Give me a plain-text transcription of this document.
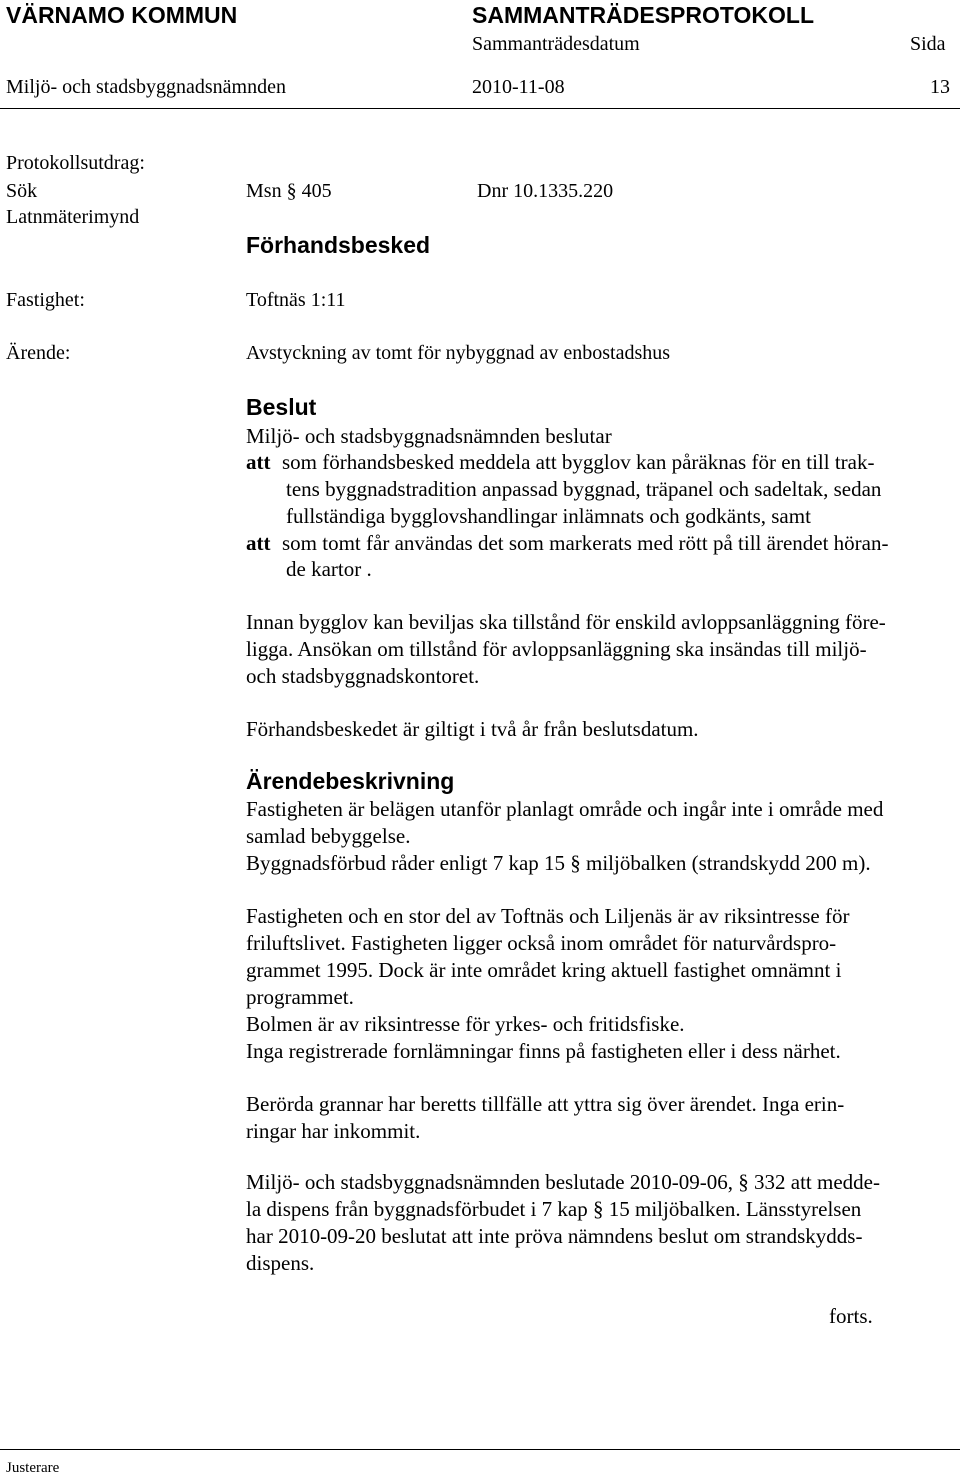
VÄRNAMO KOMMUN	SAMMANTRÄDESPROTOKOLL
Sammanträdesdatum	Sida
Miljö- och stadsbyggnadsnämnden	2010-11-08	13
Protokollsutdrag:
Sök
Latnmäterimynd
Msn § 405	Dnr 10.1335.220
Förhandsbesked
Fastighet:	Toftnäs 1:11
Ärende:	Avstyckning av tomt för nybyggnad av enbostadshus
Beslut
Miljö- och stadsbyggnadsnämnden beslutar
att som förhandsbesked meddela att bygglov kan påräknas för en till trak-
tens byggnadstradition anpassad byggnad, träpanel och sadeltak, sedan
fullständiga bygglovshandlingar inlämnats och godkänts, samt
att som tomt får användas det som markerats med rött på till ärendet höran-
de kartor .
Innan bygglov kan beviljas ska tillstånd för enskild avloppsanläggning före-
ligga. Ansökan om tillstånd för avloppsanläggning ska insändas till miljö-
och stadsbyggnadskontoret.
Förhandsbeskedet är giltigt i två år från beslutsdatum.
Ärendebeskrivning
Fastigheten är belägen utanför planlagt område och ingår inte i område med
samlad bebyggelse.
Byggnadsförbud råder enligt 7 kap 15 § miljöbalken (strandskydd 200 m).
Fastigheten och en stor del av Toftnäs och Liljenäs är av riksintresse för
friluftslivet. Fastigheten ligger också inom området för naturvårdspro-
grammet 1995. Dock är inte området kring aktuell fastighet omnämnt i
programmet.
Bolmen är av riksintresse för yrkes- och fritidsfiske.
Inga registrerade fornlämningar finns på fastigheten eller i dess närhet.
Berörda grannar har beretts tillfälle att yttra sig över ärendet. Inga erin-
ringar har inkommit.
Miljö- och stadsbyggnadsnämnden beslutade 2010-09-06, § 332 att medde-
la dispens från byggnadsförbudet i 7 kap § 15 miljöbalken. Länsstyrelsen
har 2010-09-20 beslutat att inte pröva nämndens beslut om strandskydds-
dispens.
forts.
Justerare
